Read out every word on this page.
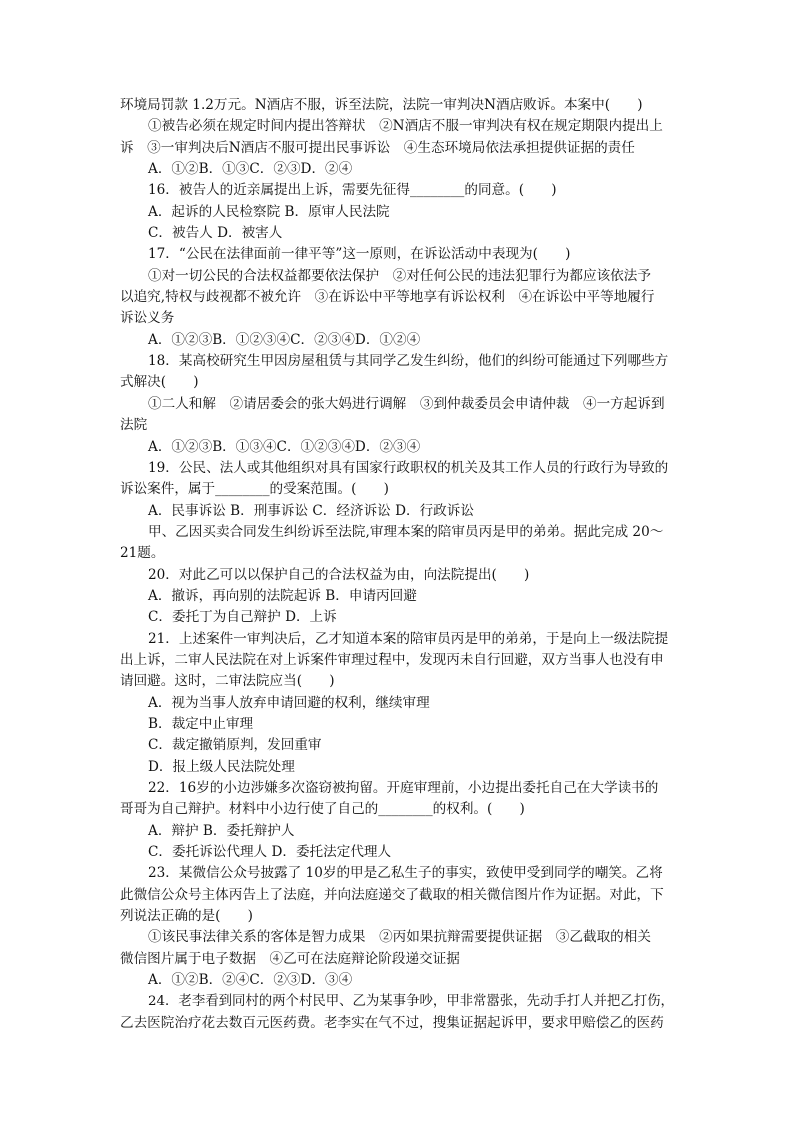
环境局罚款 1.2万元。N酒店不服，诉至法院，法院一审判决N酒店败诉。本案中(　　)
①被告必须在规定时间内提出答辩状　②N酒店不服一审判决有权在规定期限内提出上
诉　③一审判决后N酒店不服可提出民事诉讼　④生态环境局依法承担提供证据的责任
A．①②B．①③C．②③D．②④
16．被告人的近亲属提出上诉，需要先征得________的同意。(　　)
A．起诉的人民检察院 B．原审人民法院
C．被告人 D．被害人
17．“公民在法律面前一律平等”这一原则，在诉讼活动中表现为(　　)
①对一切公民的合法权益都要依法保护　②对任何公民的违法犯罪行为都应该依法予
以追究,特权与歧视都不被允许　③在诉讼中平等地享有诉讼权利　④在诉讼中平等地履行
诉讼义务
A．①②③B．①②③④C．②③④D．①②④
18．某高校研究生甲因房屋租赁与其同学乙发生纠纷，他们的纠纷可能通过下列哪些方
式解决(　　)
①二人和解　②请居委会的张大妈进行调解　③到仲裁委员会申请仲裁　④一方起诉到
法院
A．①②③B．①③④C．①②③④D．②③④
19．公民、法人或其他组织对具有国家行政职权的机关及其工作人员的行政行为导致的
诉讼案件，属于________的受案范围。(　　)
A．民事诉讼 B．刑事诉讼 C．经济诉讼 D．行政诉讼
甲、乙因买卖合同发生纠纷诉至法院,审理本案的陪审员丙是甲的弟弟。据此完成 20～
21题。
20．对此乙可以以保护自己的合法权益为由，向法院提出(　　)
A．撤诉，再向别的法院起诉 B．申请丙回避
C．委托丁为自己辩护 D．上诉
21．上述案件一审判决后，乙才知道本案的陪审员丙是甲的弟弟，于是向上一级法院提
出上诉，二审人民法院在对上诉案件审理过程中，发现丙未自行回避，双方当事人也没有申
请回避。这时，二审法院应当(　　)
A．视为当事人放弃申请回避的权利，继续审理
B．裁定中止审理
C．裁定撤销原判，发回重审
D．报上级人民法院处理
22．16岁的小边涉嫌多次盗窃被拘留。开庭审理前，小边提出委托自己在大学读书的
哥哥为自己辩护。材料中小边行使了自己的________的权利。(　　)
A．辩护 B．委托辩护人
C．委托诉讼代理人 D．委托法定代理人
23．某微信公众号披露了 10岁的甲是乙私生子的事实，致使甲受到同学的嘲笑。乙将
此微信公众号主体丙告上了法庭，并向法庭递交了截取的相关微信图片作为证据。对此，下
列说法正确的是(　　)
①该民事法律关系的客体是智力成果　②丙如果抗辩需要提供证据　③乙截取的相关
微信图片属于电子数据　④乙可在法庭辩论阶段递交证据
A．①②B．②④C．②③D．③④
24．老李看到同村的两个村民甲、乙为某事争吵，甲非常嚣张，先动手打人并把乙打伤，
乙去医院治疗花去数百元医药费。老李实在气不过，搜集证据起诉甲，要求甲赔偿乙的医药
